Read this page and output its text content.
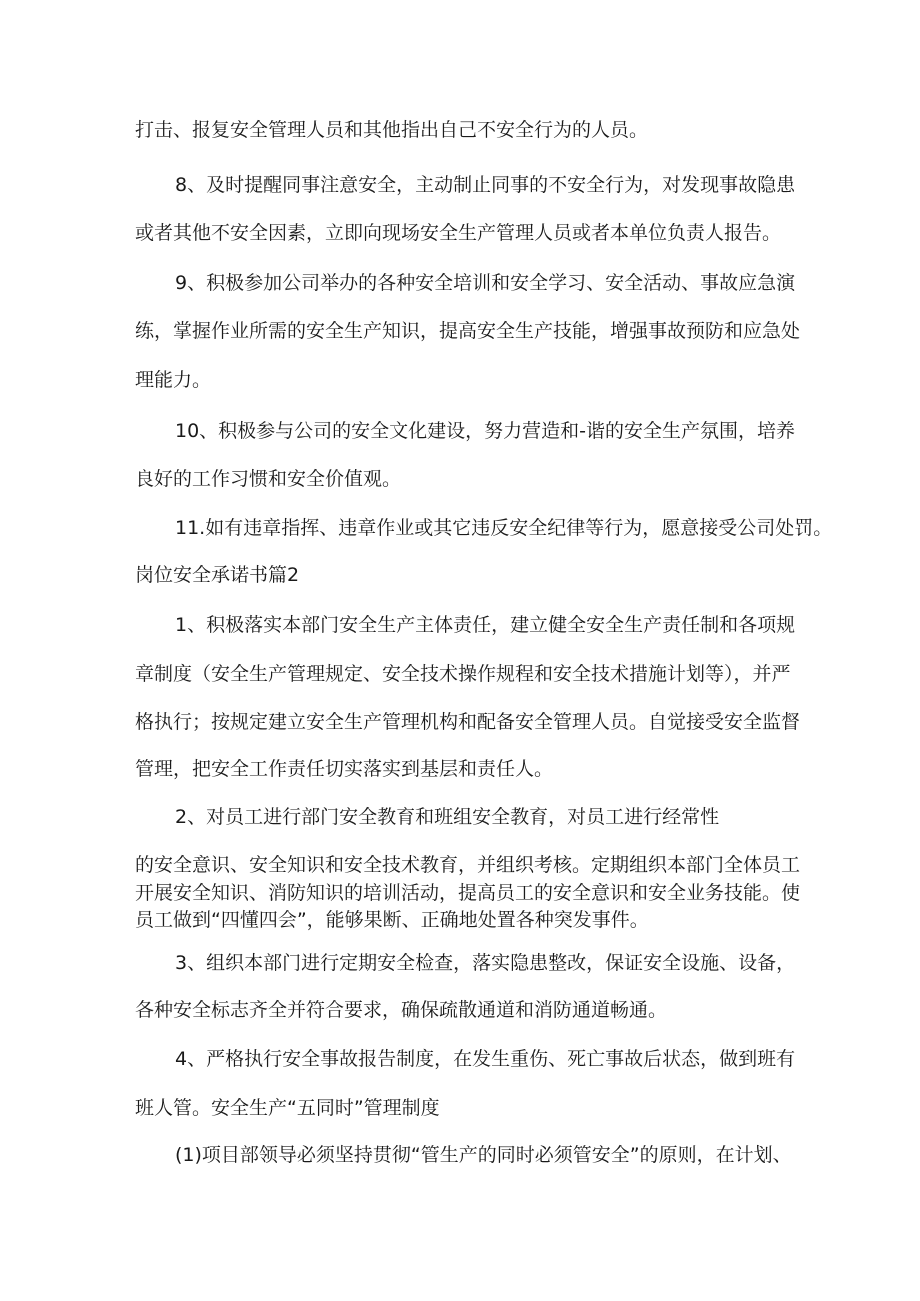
打击、报复安全管理人员和其他指出自己不安全行为的人员。
8、及时提醒同事注意安全，主动制止同事的不安全行为，对发现事故隐患
或者其他不安全因素，立即向现场安全生产管理人员或者本单位负责人报告。
9、积极参加公司举办的各种安全培训和安全学习、安全活动、事故应急演
练，掌握作业所需的安全生产知识，提高安全生产技能，增强事故预防和应急处
理能力。
10、积极参与公司的安全文化建设，努力营造和-谐的安全生产氛围，培养
良好的工作习惯和安全价值观。
11.如有违章指挥、违章作业或其它违反安全纪律等行为，愿意接受公司处罚。
岗位安全承诺书篇2
1、积极落实本部门安全生产主体责任，建立健全安全生产责任制和各项规
章制度（安全生产管理规定、安全技术操作规程和安全技术措施计划等），并严
格执行；按规定建立安全生产管理机构和配备安全管理人员。自觉接受安全监督
管理，把安全工作责任切实落实到基层和责任人。
2、对员工进行部门安全教育和班组安全教育，对员工进行经常性
的安全意识、安全知识和安全技术教育，并组织考核。定期组织本部门全体员工
开展安全知识、消防知识的培训活动，提高员工的安全意识和安全业务技能。使
员工做到“四懂四会”，能够果断、正确地处置各种突发事件。
3、组织本部门进行定期安全检查，落实隐患整改，保证安全设施、设备，
各种安全标志齐全并符合要求，确保疏散通道和消防通道畅通。
4、严格执行安全事故报告制度，在发生重伤、死亡事故后状态，做到班有
班人管。安全生产“五同时”管理制度
(1)项目部领导必须坚持贯彻“管生产的同时必须管安全”的原则，在计划、
